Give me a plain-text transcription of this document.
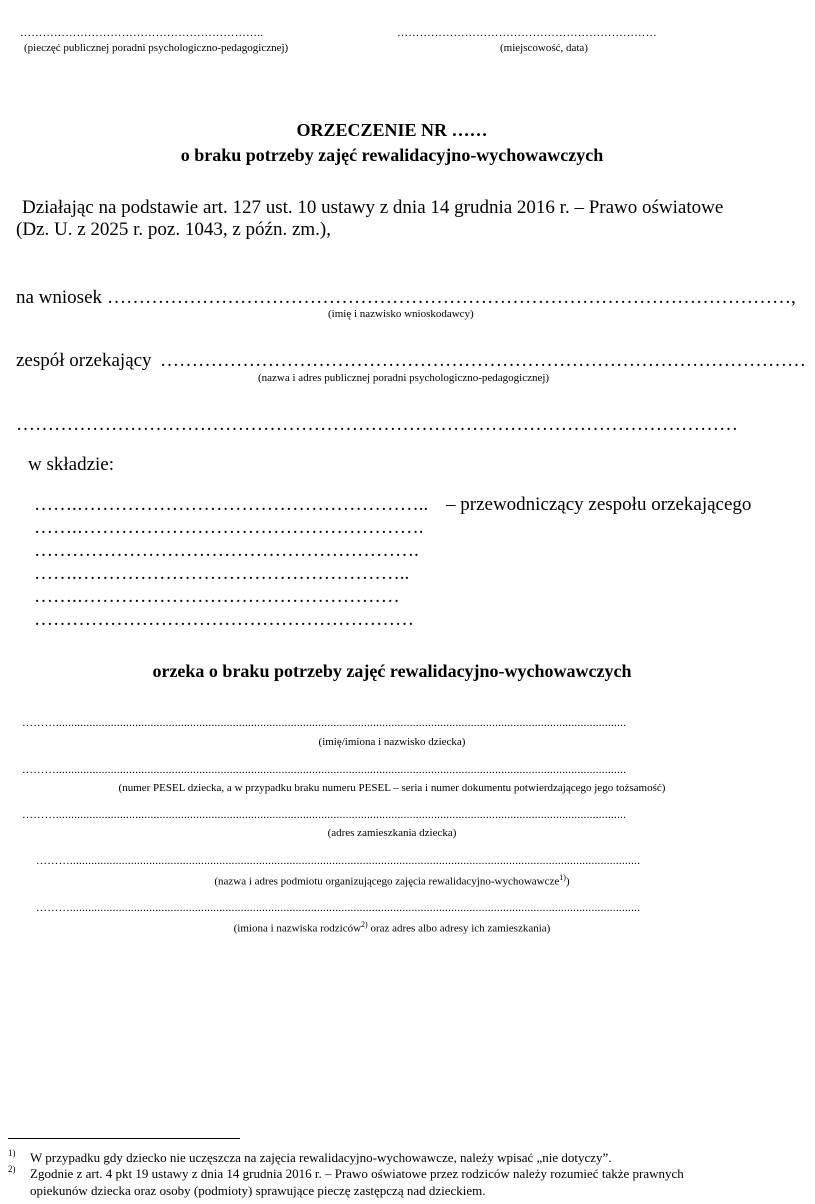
………………………………………………………..
(pieczęć publicznej poradni psychologiczno-pedagogicznej)
……………………………………………………………
(miejscowość, data)
ORZECZENIE NR ……
o braku potrzeby zajęć rewalidacyjno-wychowawczych
Działając na podstawie art. 127 ust. 10 ustawy z dnia 14 grudnia 2016 r. – Prawo oświatowe
(Dz. U. z 2025 r. poz. 1043, z późn. zm.),
na wniosek ………………………………………………………………………………………………,
(imię i nazwisko wnioskodawcy)
zespół orzekający …………………………………………………………………………………………
(nazwa i adres publicznej poradni psychologiczno-pedagogicznej)
……………………………………………………………………………………………………
w składzie:
…….……………………………………………….. – przewodniczący zespołu orzekającego
…….……………………………………………….
…………………………………………………….
…….……………………………………………..
…….……………………………………………
……………………………………………………
orzeka o braku potrzeby zajęć rewalidacyjno-wychowawczych
………...........................................................................................................................................................................................
(imię/imiona i nazwisko dziecka)
………...........................................................................................................................................................................................
(numer PESEL dziecka, a w przypadku braku numeru PESEL – seria i numer dokumentu potwierdzającego jego tożsamość)
………...........................................................................................................................................................................................
(adres zamieszkania dziecka)
………...........................................................................................................................................................................................
(nazwa i adres podmiotu organizującego zajęcia rewalidacyjno-wychowawcze$^{1)}$)
………...........................................................................................................................................................................................
(imiona i nazwiska rodziców$^{2)}$ oraz adres albo adresy ich zamieszkania)
1) W przypadku gdy dziecko nie uczęszcza na zajęcia rewalidacyjno-wychowawcze, należy wpisać „nie dotyczy”.
2) Zgodnie z art. 4 pkt 19 ustawy z dnia 14 grudnia 2016 r. – Prawo oświatowe przez rodziców należy rozumieć także prawnych
opiekunów dziecka oraz osoby (podmioty) sprawujące pieczę zastępczą nad dzieckiem.
